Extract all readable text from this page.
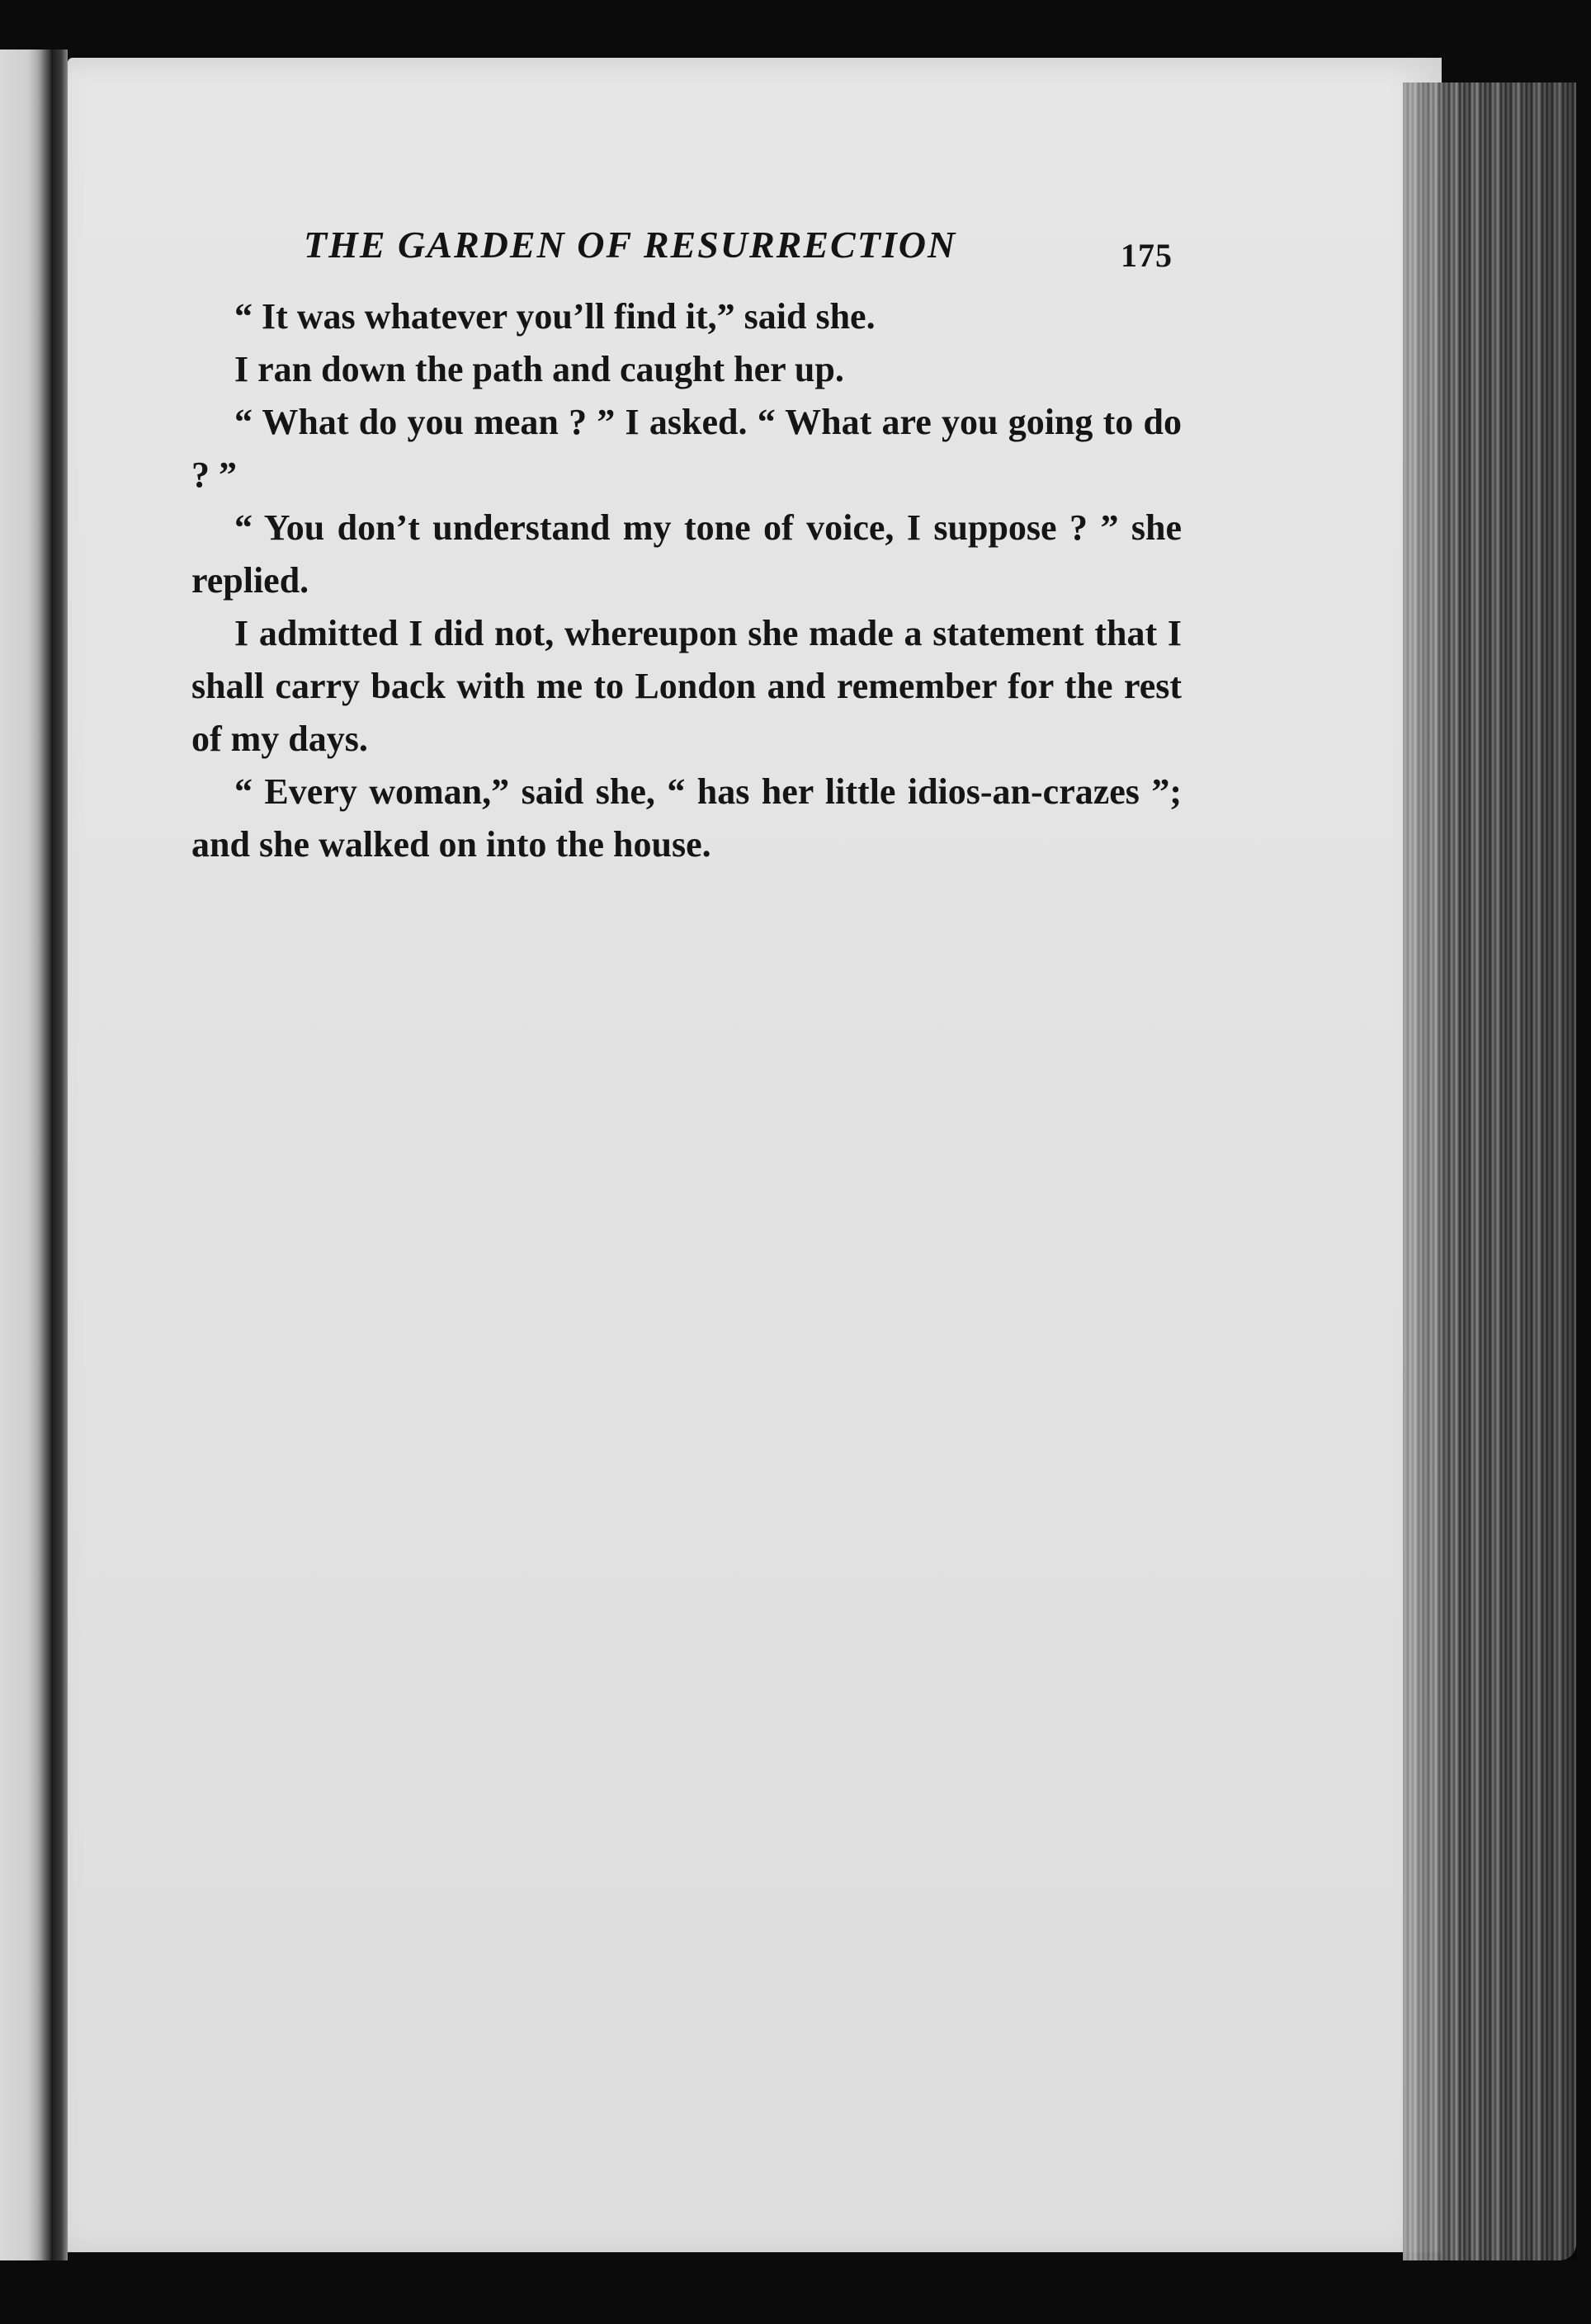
THE GARDEN OF RESURRECTION	175

“ It was whatever you’ll find it,” said she.

I ran down the path and caught her up.

“ What do you mean ? ” I asked. “ What are you going to do ? ”

“ You don’t understand my tone of voice, I suppose ? ” she replied.

I admitted I did not, whereupon she made a statement that I shall carry back with me to London and remember for the rest of my days.

“ Every woman,” said she, “ has her little idios-an-crazes ”; and she walked on into the house.
